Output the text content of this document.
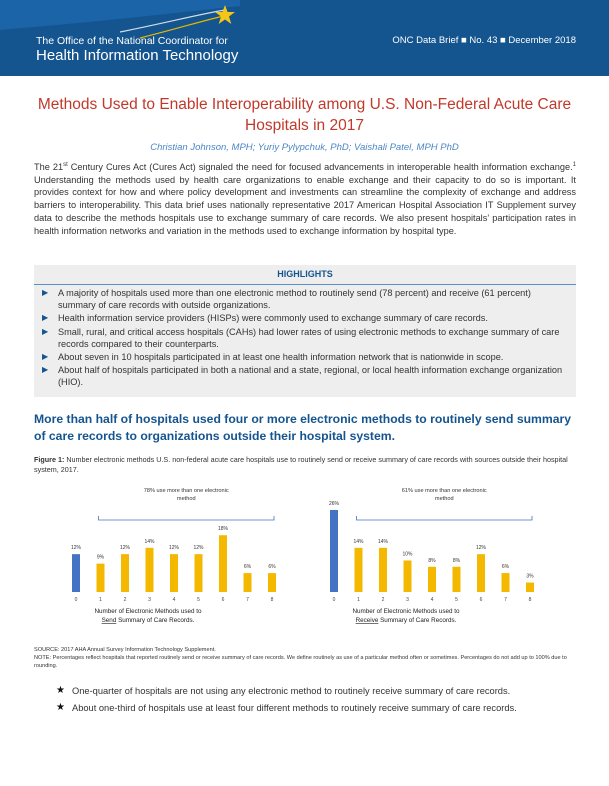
The Office of the National Coordinator for
Health Information Technology
ONC Data Brief ■ No. 43 ■ December 2018
Methods Used to Enable Interoperability among U.S. Non-Federal Acute Care Hospitals in 2017
Christian Johnson, MPH; Yuriy Pylypchuk, PhD; Vaishali Patel, MPH PhD
The 21st Century Cures Act (Cures Act) signaled the need for focused advancements in interoperable health information exchange.$^1$ Understanding the methods used by health care organizations to enable exchange and their capacity to do so is important. It provides context for how and where policy development and investments can streamline the complexity of exchange and address barriers to interoperability. This data brief uses nationally representative 2017 American Hospital Association IT Supplement survey data to describe the methods hospitals use to exchange summary of care records. We also present hospitals’ participation rates in health information networks and variation in the methods used to exchange information by hospital type.
HIGHLIGHTS
▶ A majority of hospitals used more than one electronic method to routinely send (78 percent) and receive (61 percent) summary of care records with outside organizations.
▶ Health information service providers (HISPs) were commonly used to exchange summary of care records.
▶ Small, rural, and critical access hospitals (CAHs) had lower rates of using electronic methods to exchange summary of care records compared to their counterparts.
▶ About seven in 10 hospitals participated in at least one health information network that is nationwide in scope.
▶ About half of hospitals participated in both a national and a state, regional, or local health information exchange organization (HIO).
More than half of hospitals used four or more electronic methods to routinely send summary of care records to organizations outside their hospital system.
Figure 1: Number electronic methods U.S. non-federal acute care hospitals use to routinely send or receive summary of care records with sources outside their hospital system, 2017.
78% use more than one electronic
method
12%
0
9%
1
12%
2
14%
3
12%
4
12%
5
18%
6
6%
7
6%
8
Number of Electronic Methods used to
Send Summary of Care Records.
61% use more than one electronic
method
26%
0
14%
1
14%
2
10%
3
8%
4
8%
5
12%
6
6%
7
3%
8
Number of Electronic Methods used to
Receive Summary of Care Records.
SOURCE: 2017 AHA Annual Survey Information Technology Supplement.
NOTE: Percentages reflect hospitals that reported routinely send or receive summary of care records. We define routinely as use of a particular method often or sometimes. Percentages do not add up to 100% due to rounding.
★ One-quarter of hospitals are not using any electronic method to routinely receive summary of care records.
★ About one-third of hospitals use at least four different methods to routinely receive summary of care records.
